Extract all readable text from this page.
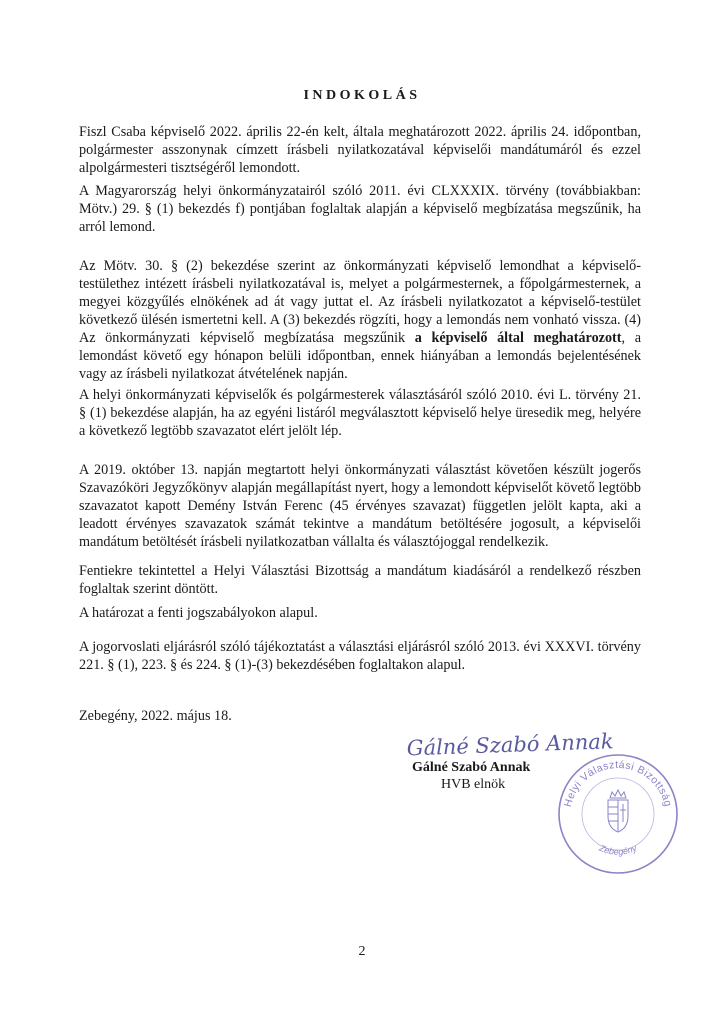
INDOKOLÁS

Fiszl Csaba képviselő 2022. április 22-én kelt, általa meghatározott 2022. április 24. időpontban, polgármester asszonynak címzett írásbeli nyilatkozatával képviselői mandátumáról és ezzel alpolgármesteri tisztségéről lemondott.

A Magyarország helyi önkormányzatairól szóló 2011. évi CLXXXIX. törvény (továbbiakban: Mötv.) 29. § (1) bekezdés f) pontjában foglaltak alapján a képviselő megbízatása megszűnik, ha arról lemond.

Az Mötv. 30. § (2) bekezdése szerint az önkormányzati képviselő lemondhat a képviselő-testülethez intézett írásbeli nyilatkozatával is, melyet a polgármesternek, a főpolgármesternek, a megyei közgyűlés elnökének ad át vagy juttat el. Az írásbeli nyilatkozatot a képviselő-testület következő ülésén ismertetni kell. A (3) bekezdés rögzíti, hogy a lemondás nem vonható vissza. (4) Az önkormányzati képviselő megbízatása megszűnik a képviselő által meghatározott, a lemondást követő egy hónapon belüli időpontban, ennek hiányában a lemondás bejelentésének vagy az írásbeli nyilatkozat átvételének napján.

A helyi önkormányzati képviselők és polgármesterek választásáról szóló 2010. évi L. törvény 21. § (1) bekezdése alapján, ha az egyéni listáról megválasztott képviselő helye üresedik meg, helyére a következő legtöbb szavazatot elért jelölt lép.

A 2019. október 13. napján megtartott helyi önkormányzati választást követően készült jogerős Szavazóköri Jegyzőkönyv alapján megállapítást nyert, hogy a lemondott képviselőt követő legtöbb szavazatot kapott Demény István Ferenc (45 érvényes szavazat) független jelölt kapta, aki a leadott érvényes szavazatok számát tekintve a mandátum betöltésére jogosult, a képviselői mandátum betöltését írásbeli nyilatkozatban vállalta és választójoggal rendelkezik.

Fentiekre tekintettel a Helyi Választási Bizottság a mandátum kiadásáról a rendelkező részben foglaltak szerint döntött.

A határozat a fenti jogszabályokon alapul.

A jogorvoslati eljárásról szóló tájékoztatást a választási eljárásról szóló 2013. évi XXXVI. törvény 221. § (1), 223. § és 224. § (1)-(3) bekezdésében foglaltakon alapul.

Zebegény, 2022. május 18.
Gálné Szabó Annak
Gálné Szabó Annak
HVB elnök
Helyi Választási Bizottság
Zebegény
2
